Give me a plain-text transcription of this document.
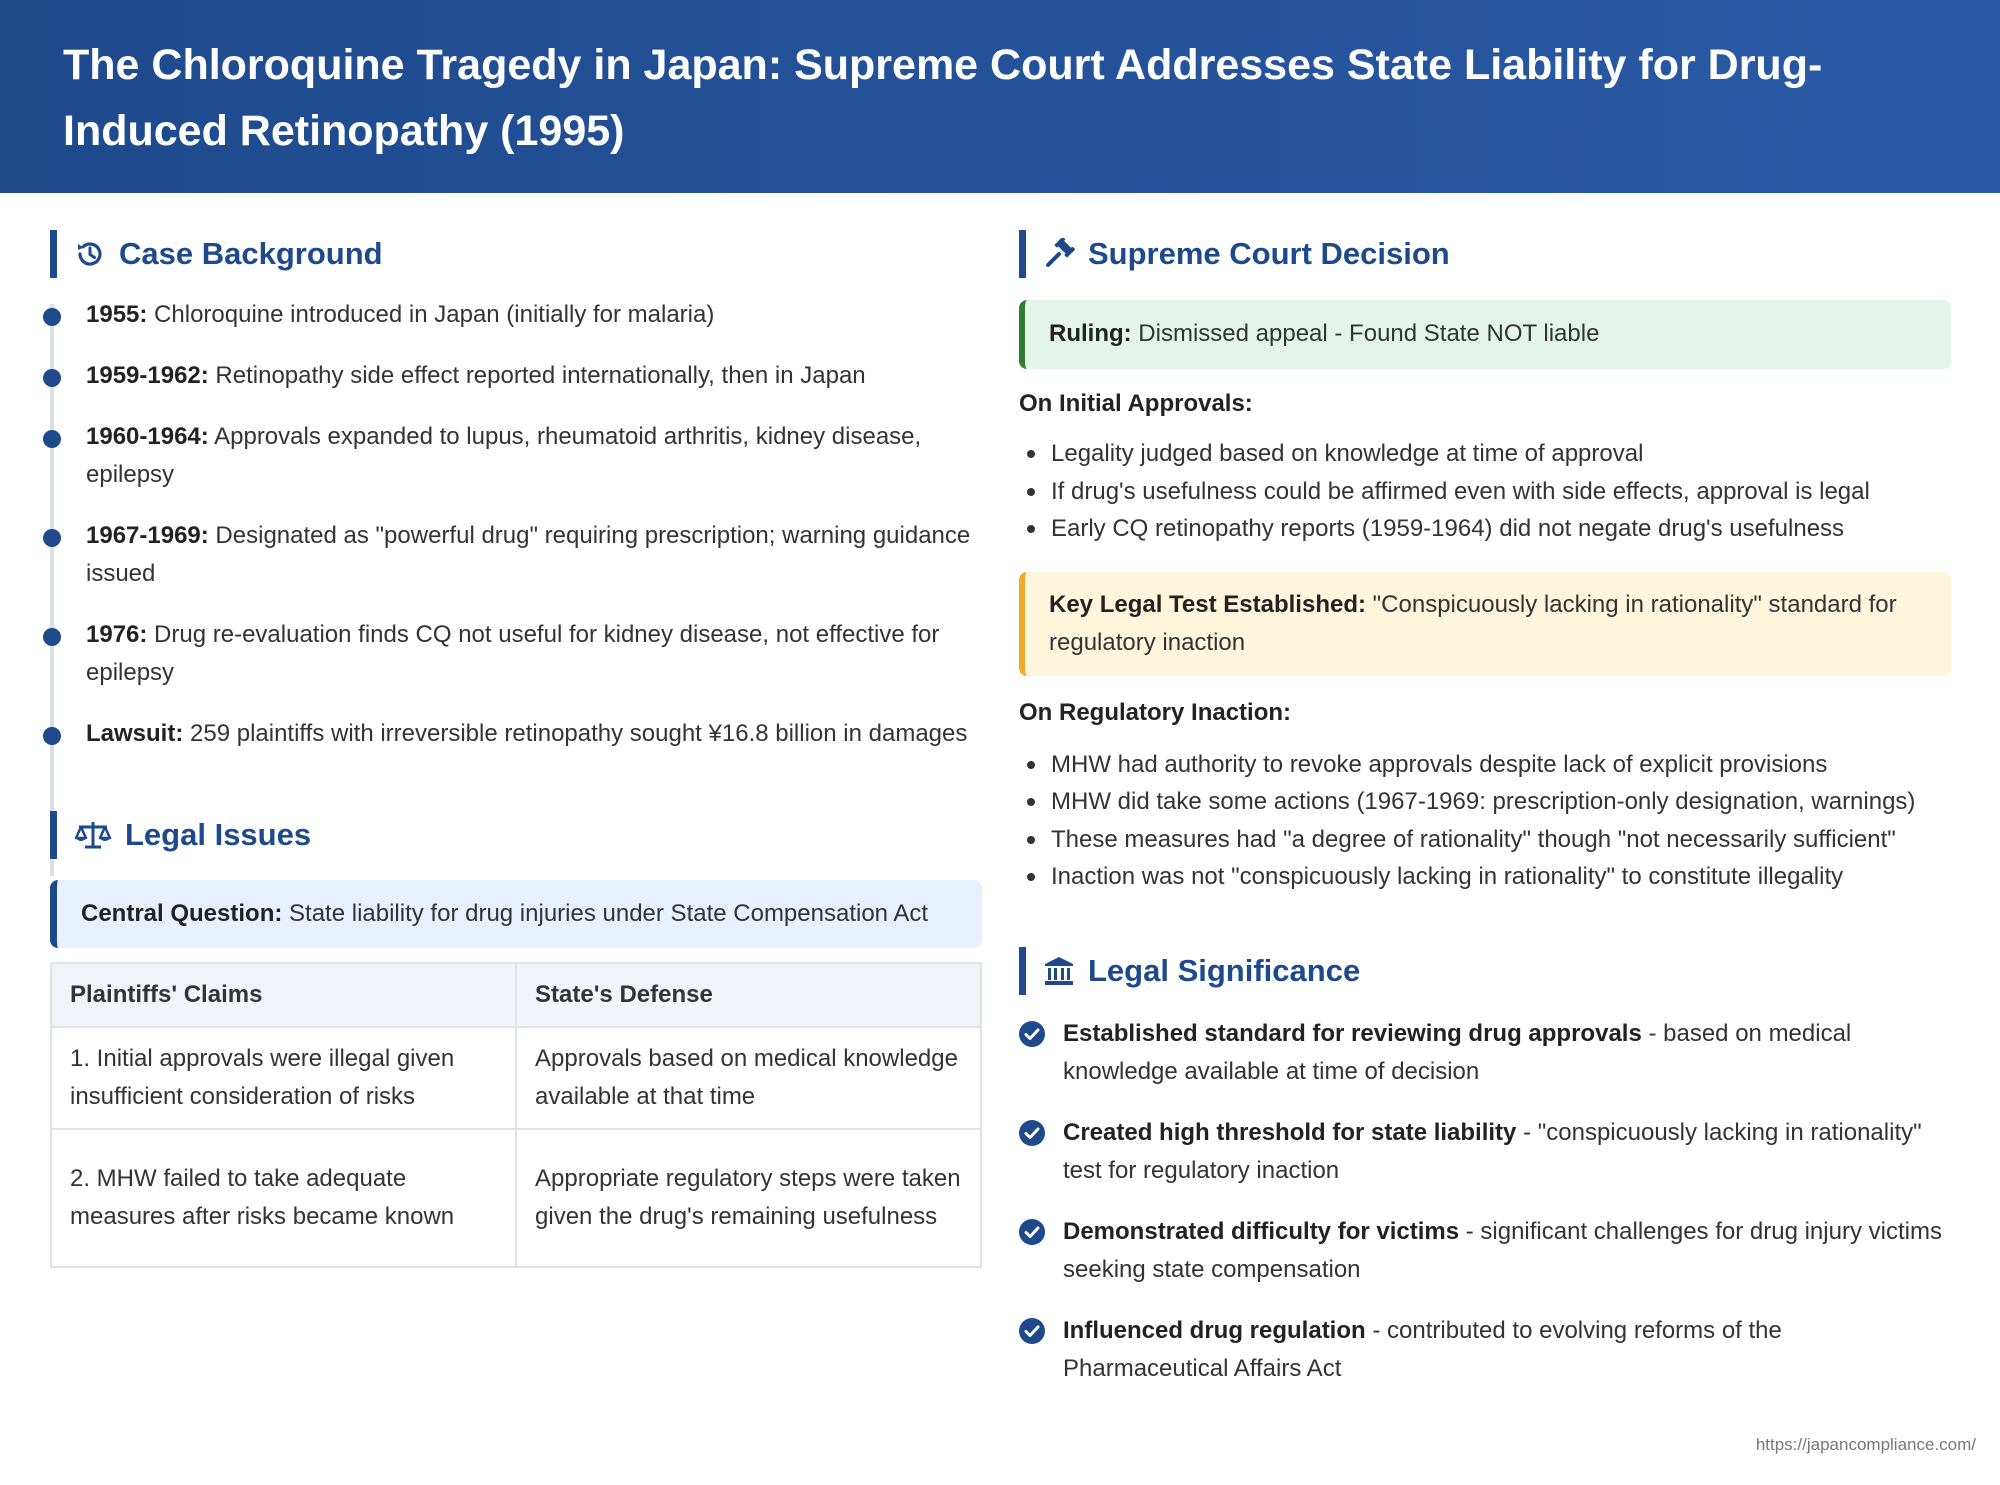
The Chloroquine Tragedy in Japan: Supreme Court Addresses State Liability for Drug-Induced Retinopathy (1995)
Case Background
1955: Chloroquine introduced in Japan (initially for malaria)
1959-1962: Retinopathy side effect reported internationally, then in Japan
1960-1964: Approvals expanded to lupus, rheumatoid arthritis, kidney disease, epilepsy
1967-1969: Designated as "powerful drug" requiring prescription; warning guidance issued
1976: Drug re-evaluation finds CQ not useful for kidney disease, not effective for epilepsy
Lawsuit: 259 plaintiffs with irreversible retinopathy sought ¥16.8 billion in damages
Legal Issues
Central Question: State liability for drug injuries under State Compensation Act
Plaintiffs' Claims	State's Defense
1. Initial approvals were illegal given insufficient consideration of risks	Approvals based on medical knowledge available at that time
2. MHW failed to take adequate measures after risks became known	Appropriate regulatory steps were taken given the drug's remaining usefulness
Supreme Court Decision
Ruling: Dismissed appeal - Found State NOT liable
On Initial Approvals:
Legality judged based on knowledge at time of approval
If drug's usefulness could be affirmed even with side effects, approval is legal
Early CQ retinopathy reports (1959-1964) did not negate drug's usefulness
Key Legal Test Established: "Conspicuously lacking in rationality" standard for regulatory inaction
On Regulatory Inaction:
MHW had authority to revoke approvals despite lack of explicit provisions
MHW did take some actions (1967-1969: prescription-only designation, warnings)
These measures had "a degree of rationality" though "not necessarily sufficient"
Inaction was not "conspicuously lacking in rationality" to constitute illegality
Legal Significance
Established standard for reviewing drug approvals - based on medical knowledge available at time of decision
Created high threshold for state liability - "conspicuously lacking in rationality" test for regulatory inaction
Demonstrated difficulty for victims - significant challenges for drug injury victims seeking state compensation
Influenced drug regulation - contributed to evolving reforms of the Pharmaceutical Affairs Act
https://japancompliance.com/
